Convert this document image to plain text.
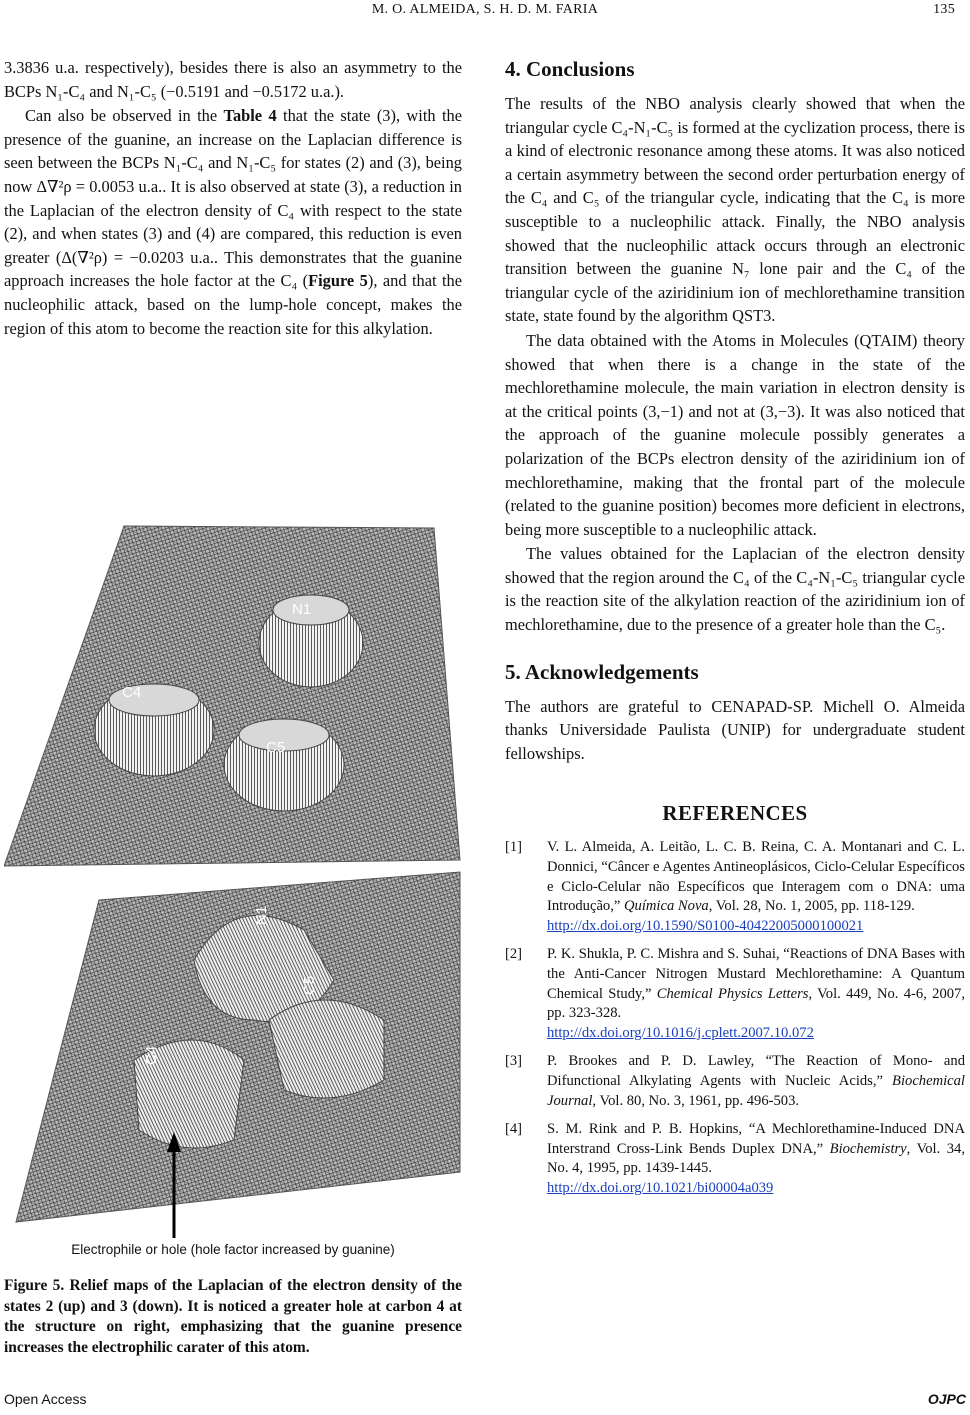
M. O. ALMEIDA, S. H. D. M. FARIA	135

3.3836 u.a. respectively), besides there is also an asymmetry to the BCPs N₁-C₄ and N₁-C₅ (−0.5191 and −0.5172 u.a.).

Can also be observed in the Table 4 that the state (3), with the presence of the guanine, an increase on the Laplacian difference is seen between the BCPs N₁-C₄ and N₁-C₅ for states (2) and (3), being now Δ∇²ρ = 0.0053 u.a.. It is also observed at state (3), a reduction in the Laplacian of the electron density of C₄ with respect to the state (2), and when states (3) and (4) are compared, this reduction is even greater (Δ(∇²ρ) = −0.0203 u.a.. This demonstrates that the guanine approach increases the hole factor at the C₄ (Figure 5), and that the nucleophilic attack, based on the lump-hole concept, makes the region of this atom to become the reaction site for this alkylation.

N1
C4
C5
N1
C5
C4
Electrophile or hole (hole factor increased by guanine)
Figure 5. Relief maps of the Laplacian of the electron density of the states 2 (up) and 3 (down). It is noticed a greater hole at carbon 4 at the structure on right, emphasizing that the guanine presence increases the electrophilic carater of this atom.
4. Conclusions

The results of the NBO analysis clearly showed that when the triangular cycle C₄-N₁-C₅ is formed at the cyclization process, there is a kind of electronic resonance among these atoms. It was also noticed a certain asymmetry between the second order perturbation energy of the C₄ and C₅ of the triangular cycle, indicating that the C₄ is more susceptible to a nucleophilic attack. Finally, the NBO analysis showed that the nucleophilic attack occurs through an electronic transition between the guanine N₇ lone pair and the C₄ of the triangular cycle of the aziridinium ion of mechlorethamine transition state, state found by the algorithm QST3.

The data obtained with the Atoms in Molecules (QTAIM) theory showed that when there is a change in the state of the mechlorethamine molecule, the main variation in electron density is at the critical points (3,−1) and not at (3,−3). It was also noticed that the approach of the guanine molecule possibly generates a polarization of the BCPs electron density of the aziridinium ion of mechlorethamine, making that the frontal part of the molecule (related to the guanine position) becomes more deficient in electrons, being more susceptible to a nucleophilic attack.

The values obtained for the Laplacian of the electron density showed that the region around the C₄ of the C₄-N₁-C₅ triangular cycle is the reaction site of the alkylation reaction of the aziridinium ion of mechlorethamine, due to the presence of a greater hole than the C₅.

5. Acknowledgements

The authors are grateful to CENAPAD-SP. Michell O. Almeida thanks Universidade Paulista (UNIP) for undergraduate student fellowships.

REFERENCES
[1]	V. L. Almeida, A. Leitão, L. C. B. Reina, C. A. Montanari and C. L. Donnici, “Câncer e Agentes Antineoplásicos, Ciclo-Celular Específicos e Ciclo-Celular não Específicos que Interagem com o DNA: uma Introdução,” Química Nova, Vol. 28, No. 1, 2005, pp. 118-129.
http://dx.doi.org/10.1590/S0100-40422005000100021
[2]	P. K. Shukla, P. C. Mishra and S. Suhai, “Reactions of DNA Bases with the Anti-Cancer Nitrogen Mustard Mechlorethamine: A Quantum Chemical Study,” Chemical Physics Letters, Vol. 449, No. 4-6, 2007, pp. 323-328.
http://dx.doi.org/10.1016/j.cplett.2007.10.072
[3]	P. Brookes and P. D. Lawley, “The Reaction of Mono- and Difunctional Alkylating Agents with Nucleic Acids,” Biochemical Journal, Vol. 80, No. 3, 1961, pp. 496-503.
[4]	S. M. Rink and P. B. Hopkins, “A Mechlorethamine-Induced DNA Interstrand Cross-Link Bends Duplex DNA,” Biochemistry, Vol. 34, No. 4, 1995, pp. 1439-1445.
http://dx.doi.org/10.1021/bi00004a039
Open Access	OJPC
